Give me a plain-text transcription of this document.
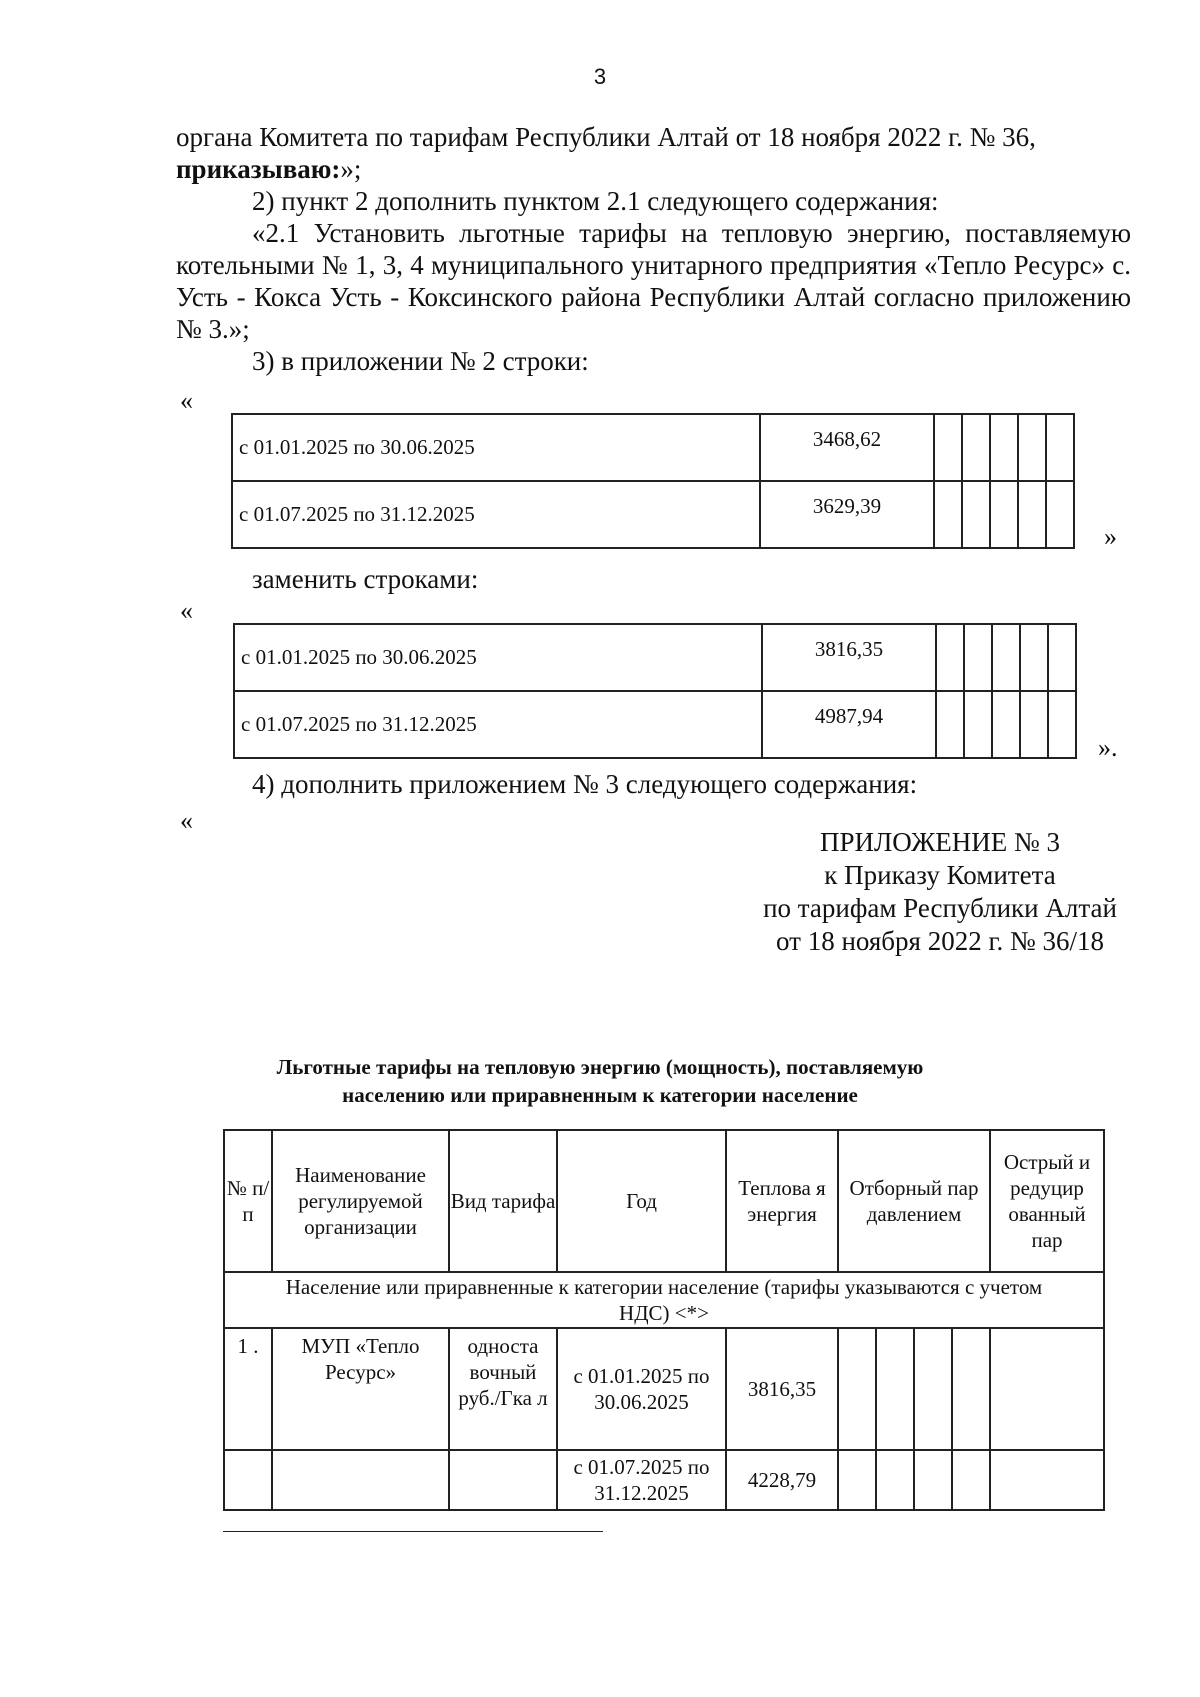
3

органа Комитета по тарифам Республики Алтай от 18 ноября 2022 г. № 36,
приказываю:»;

2) пункт 2 дополнить пунктом 2.1 следующего содержания:

«2.1 Установить льготные тарифы на тепловую энергию, поставляемую котельными № 1, 3, 4 муниципального унитарного предприятия «Тепло Ресурс» с. Усть - Кокса Усть - Коксинского района Республики Алтай согласно приложению № 3.»;

3) в приложении № 2 строки:

«
с 01.01.2025 по 30.06.2025	3468,62					
с 01.07.2025 по 31.12.2025	3629,39					
»
заменить строками:
«
с 01.01.2025 по 30.06.2025	3816,35					
с 01.07.2025 по 31.12.2025	4987,94					
».
4) дополнить приложением № 3 следующего содержания:
«
ПРИЛОЖЕНИЕ № 3
к Приказу Комитета
по тарифам Республики Алтай
от 18 ноября 2022 г. № 36/18
Льготные тарифы на тепловую энергию (мощность), поставляемую
населению или приравненным к категории население
№ п/ п	Наименование регулируемой организации	Вид тарифа	Год	Теплова я энергия	Отборный пар давлением				Острый и редуцир ованный пар
Население или приравненные к категории население (тарифы указываются с учетом НДС) <*>									
1 .	МУП «Тепло Ресурс»	односта вочный руб./Гка л	с 01.01.2025 по 30.06.2025	3816,35					
			с 01.07.2025 по 31.12.2025	4228,79					
